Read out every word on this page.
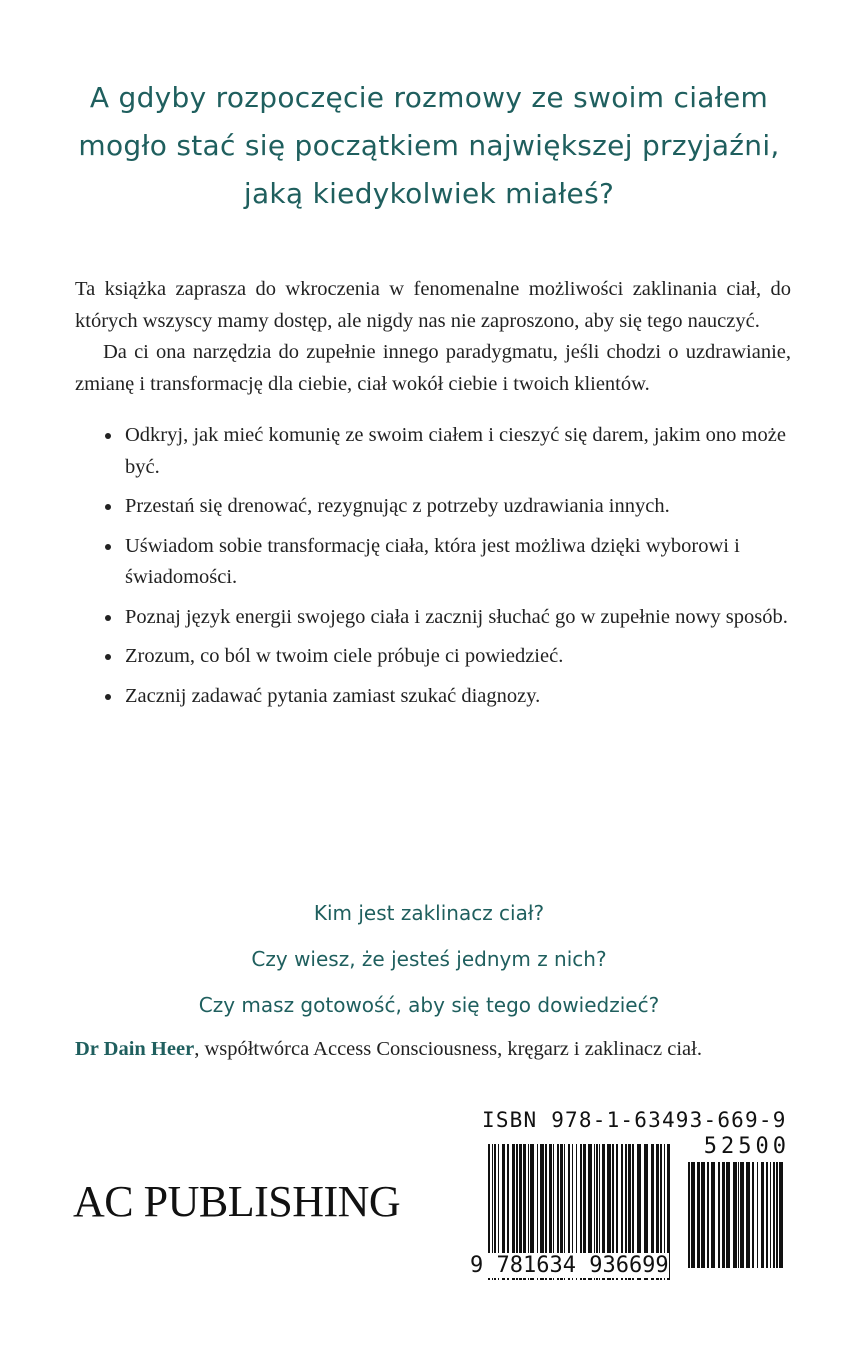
A gdyby rozpoczęcie rozmowy ze swoim ciałem
mogło stać się początkiem największej przyjaźni,
jaką kiedykolwiek miałeś?

Ta książka zaprasza do wkroczenia w fenomenalne możliwości zaklinania ciał, do których wszyscy mamy dostęp, ale nigdy nas nie zaproszono, aby się tego nauczyć.

Da ci ona narzędzia do zupełnie innego paradygmatu, jeśli chodzi o uzdrawianie, zmianę i transformację dla ciebie, ciał wokół ciebie i twoich klientów.

Odkryj, jak mieć komunię ze swoim ciałem i cieszyć się darem, jakim ono może być.
Przestań się drenować, rezygnując z potrzeby uzdrawiania innych.
Uświadom sobie transformację ciała, która jest możliwa dzięki wyborowi i świadomości.
Poznaj język energii swojego ciała i zacznij słuchać go w zupełnie nowy sposób.
Zrozum, co ból w twoim ciele próbuje ci powiedzieć.
Zacznij zadawać pytania zamiast szukać diagnozy.
Kim jest zaklinacz ciał?
Czy wiesz, że jesteś jednym z nich?
Czy masz gotowość, aby się tego dowiedzieć?
Dr Dain Heer, współtwórca Access Consciousness, kręgarz i zaklinacz ciał.
AC PUBLISHING
ISBN 978-1-63493-669-9
52500
9 781634 936699
